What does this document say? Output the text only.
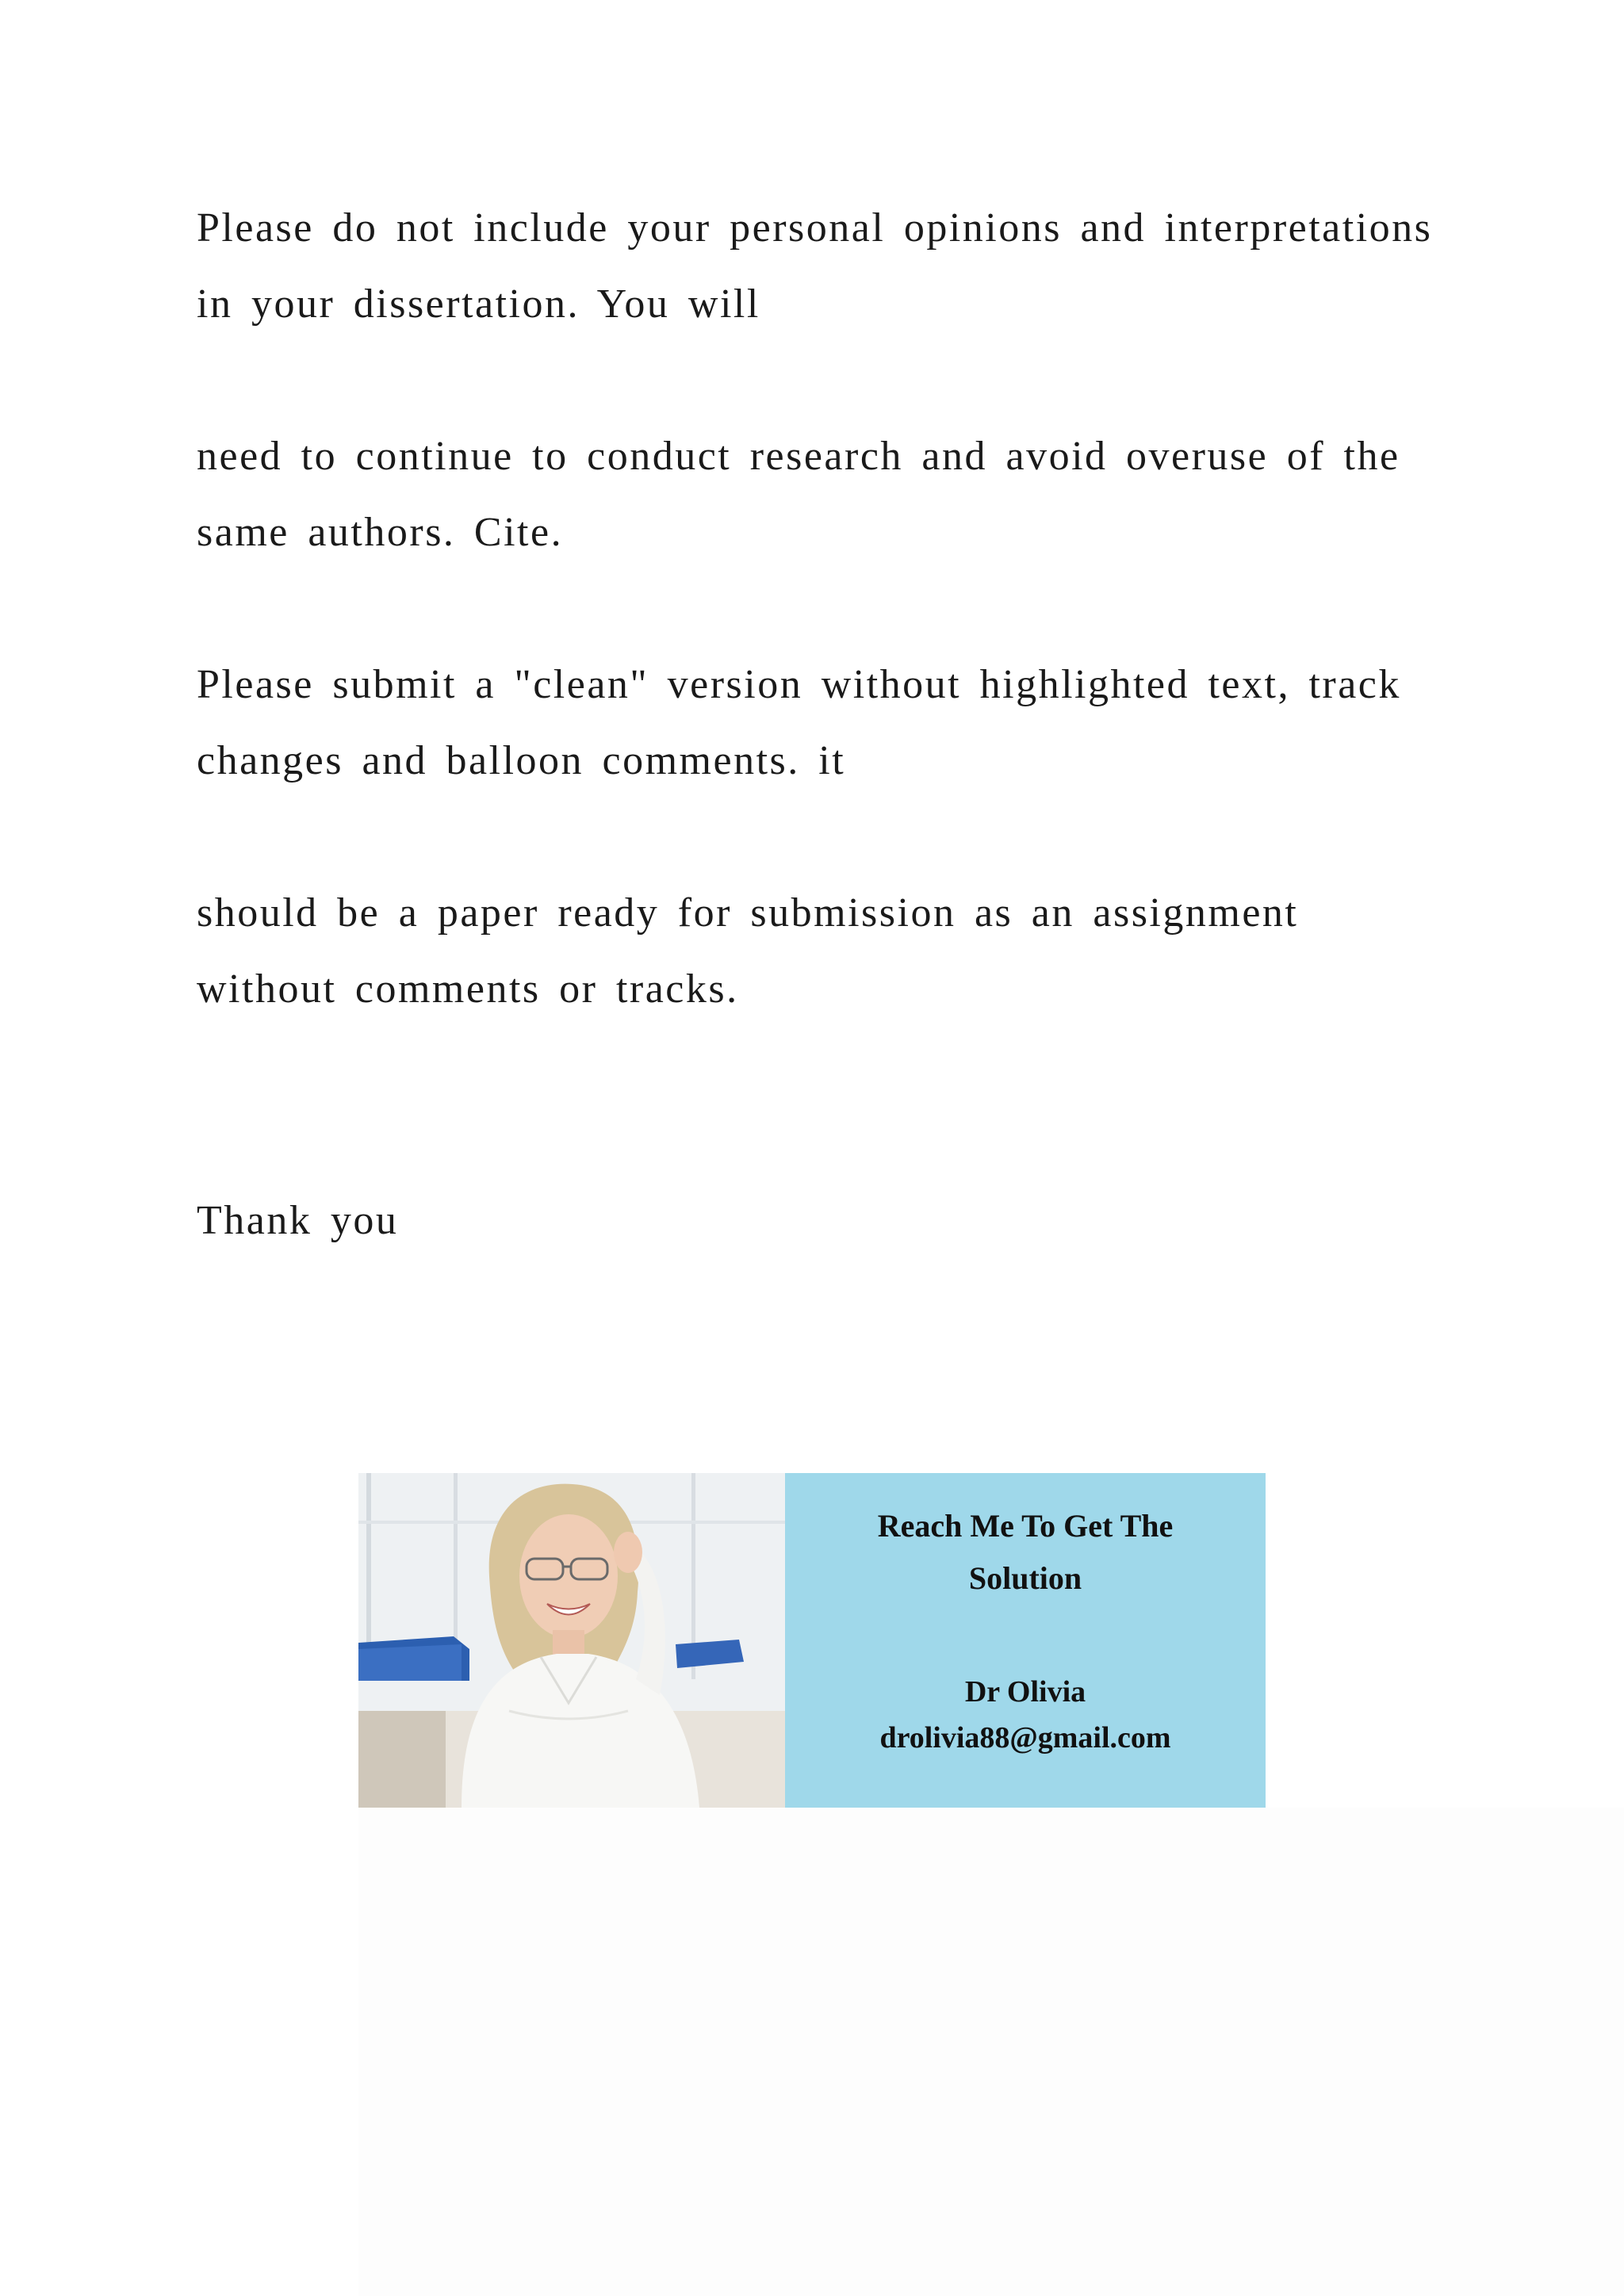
Please do not include your personal opinions and interpretations
in your dissertation. You will

need to continue to conduct research and avoid overuse of the
same authors. Cite.

Please submit a "clean" version without highlighted text, track
changes and balloon comments. it

should be a paper ready for submission as an assignment
without comments or tracks.

Thank you

Reach Me To Get The
Solution
Dr Olivia
drolivia88@gmail.com
